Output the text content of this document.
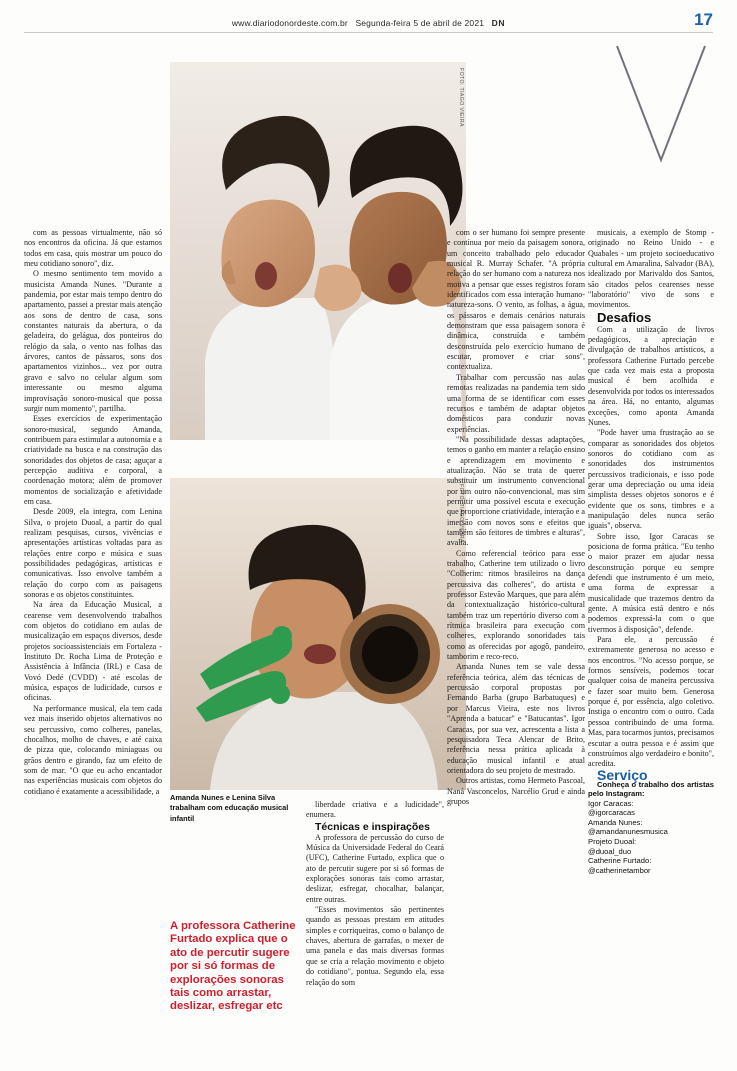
www.diariodonordeste.com.br Segunda-feira 5 de abril de 2021 DN	17
FOTO: TIAGO VIEIRA
FOTO: TIAGO VIEIRA
Amanda Nunes e Lenina Silva trabalham com educação musical infantil
A professora Catherine Furtado explica que o ato de percutir sugere por si só formas de explorações sonoras tais como arrastar, deslizar, esfregar etc

com as pessoas virtualmente, não só nos encontros da oficina. Já que estamos todos em casa, quis mostrar um pouco do meu cotidiano sonoro", diz.

O mesmo sentimento tem movido a musicista Amanda Nunes. "Durante a pandemia, por estar mais tempo dentro do apartamento, passei a prestar mais atenção aos sons de dentro de casa, sons constantes naturais da abertura, o da geladeira, do gelágua, dos ponteiros do relógio da sala, o vento nas folhas das árvores, cantos de pássaros, sons dos apartamentos vizinhos... vez por outra gravo e salvo no celular algum som interessante ou mesmo alguma improvisação sonoro-musical que possa surgir num momento", partilha.

Esses exercícios de experimentação sonoro-musical, segundo Amanda, contribuem para estimular a autonomia e a criatividade na busca e na construção das sonoridades dos objetos de casa; aguçar a percepção auditiva e corporal, a coordenação motora; além de promover momentos de socialização e afetividade em casa.

Desde 2009, ela integra, com Lenina Silva, o projeto Duoal, a partir do qual realizam pesquisas, cursos, vivências e apresentações artísticas voltadas para as relações entre corpo e música e suas possibilidades pedagógicas, artísticas e comunicativas. Isso envolve também a relação do corpo com as paisagens sonoras e os objetos constituintes.

Na área da Educação Musical, a cearense vem desenvolvendo trabalhos com objetos do cotidiano em aulas de musicalização em espaços diversos, desde projetos socioassistenciais em Fortaleza - Instituto Dr. Rocha Lima de Proteção e Assistência à Infância (IRL) e Casa de Vovó Dedé (CVDD) - até escolas de música, espaços de ludicidade, cursos e oficinas.

Na performance musical, ela tem cada vez mais inserido objetos alternativos no seu percussivo, como colheres, panelas, chocalhos, molho de chaves, e até caixa de pizza que, colocando miniaguas ou grãos dentro e girando, faz um efeito de som de mar. "O que eu acho encantador nas experiências musicais com objetos do cotidiano é exatamente a acessibilidade, a

liberdade criativa e a ludicidade", enumera.

Técnicas e inspirações

A professora de percussão do curso de Música da Universidade Federal do Ceará (UFC), Catherine Furtado, explica que o ato de percutir sugere por si só formas de explorações sonoras tais como arrastar, deslizar, esfregar, chocalhar, balançar, entre outras.

"Esses movimentos são pertinentes quando as pessoas prestam em atitudes simples e corriqueiras, como o balanço de chaves, abertura de garrafas, o mexer de uma panela e das mais diversas formas que se cria a relação movimento e objeto do cotidiano", pontua. Segundo ela, essa relação do som

com o ser humano foi sempre presente e contínua por meio da paisagem sonora, um conceito trabalhado pelo educador musical R. Murray Schafer. "A própria relação do ser humano com a natureza nos motiva a pensar que esses registros foram identificados com essa interação humano-natureza-sons. O vento, as folhas, a água, os pássaros e demais cenários naturais demonstram que essa paisagem sonora é dinâmica, construída e também desconstruída pelo exercício humano de escutar, promover e criar sons", contextualiza.

Trabalhar com percussão nas aulas remotas realizadas na pandemia tem sido uma forma de se identificar com esses recursos e também de adaptar objetos domésticos para conduzir novas experiências.

"Na possibilidade dessas adaptações, temos o ganho em manter a relação ensino e aprendizagem em movimento e atualização. Não se trata de querer substituir um instrumento convencional por um outro não-convencional, mas sim permitir uma possível escuta e execução que proporcione criatividade, interação e a imersão com novos sons e efeitos que também são feitores de timbres e alturas", avalia.

Como referencial teórico para esse trabalho, Catherine tem utilizado o livro "Colherim: ritmos brasileiros na dança percussiva das colheres", do artista e professor Estevão Marques, que para além da contextualização histórico-cultural também traz um repertório diverso com a rítmica brasileira para execução com colheres, explorando sonoridades tais como as oferecidas por agogô, pandeiro, tamborim e reco-reco.

Amanda Nunes tem se vale dessa referência teórica, além das técnicas de percussão corporal propostas por Fernando Barba (grupo Barbatuques) e por Marcus Vieira, este nos livros "Aprenda a batucar" e "Batucantas". Igor Caracas, por sua vez, acrescenta a lista a pesquisadora Teca Alencar de Brito, referência nessa prática aplicada à educação musical infantil e atual orientadora do seu projeto de mestrado.

Outros artistas, como Hermeto Pascoal, Naná Vasconcelos, Narcélio Grud e ainda grupos

musicais, a exemplo de Stomp - originado no Reino Unido - e Quabales - um projeto socioeducativo cultural em Amaralina, Salvador (BA), idealizado por Marivaldo dos Santos, são citados pelos cearenses nesse "laboratório" vivo de sons e movimentos.

Desafios

Com a utilização de livros pedagógicos, a apreciação e divulgação de trabalhos artísticos, a professora Catherine Furtado percebe que cada vez mais esta a proposta musical é bem acolhida e desenvolvida por todos os interessados na área. Há, no entanto, algumas exceções, como aponta Amanda Nunes.

"Pode haver uma frustração ao se comparar as sonoridades dos objetos sonoros do cotidiano com as sonoridades dos instrumentos percussivos tradicionais, e isso pode gerar uma depreciação ou uma ideia simplista desses objetos sonoros e é evidente que os sons, timbres e a manipulação deles nunca serão iguais", observa.

Sobre isso, Igor Caracas se posiciona de forma prática. "Eu tenho o maior prazer em ajudar nessa desconstrução porque eu sempre defendi que instrumento é um meio, uma forma de expressar a musicalidade que trazemos dentro da gente. A música está dentro e nós podemos expressá-la com o que tivermos à disposição", defende.

Para ele, a percussão é extremamente generosa no acesso e nos encontros. "No acesso porque, se formos sensíveis, podemos tocar qualquer coisa de maneira percussiva e fazer soar muito bem. Generosa porque é, por essência, algo coletivo. Instiga o encontro com o outro. Cada pessoa contribuindo de uma forma. Mas, para tocarmos juntos, precisamos escutar a outra pessoa e é assim que construímos algo verdadeiro e bonito", acredita.

Serviço

Conheça o trabalho dos artistas pelo Instagram:

Igor Caracas:
@igorcaracas
Amanda Nunes:
@amandanunesmusica
Projeto Duoal:
@duoal_duo
Catherine Furtado:
@catherinetambor
